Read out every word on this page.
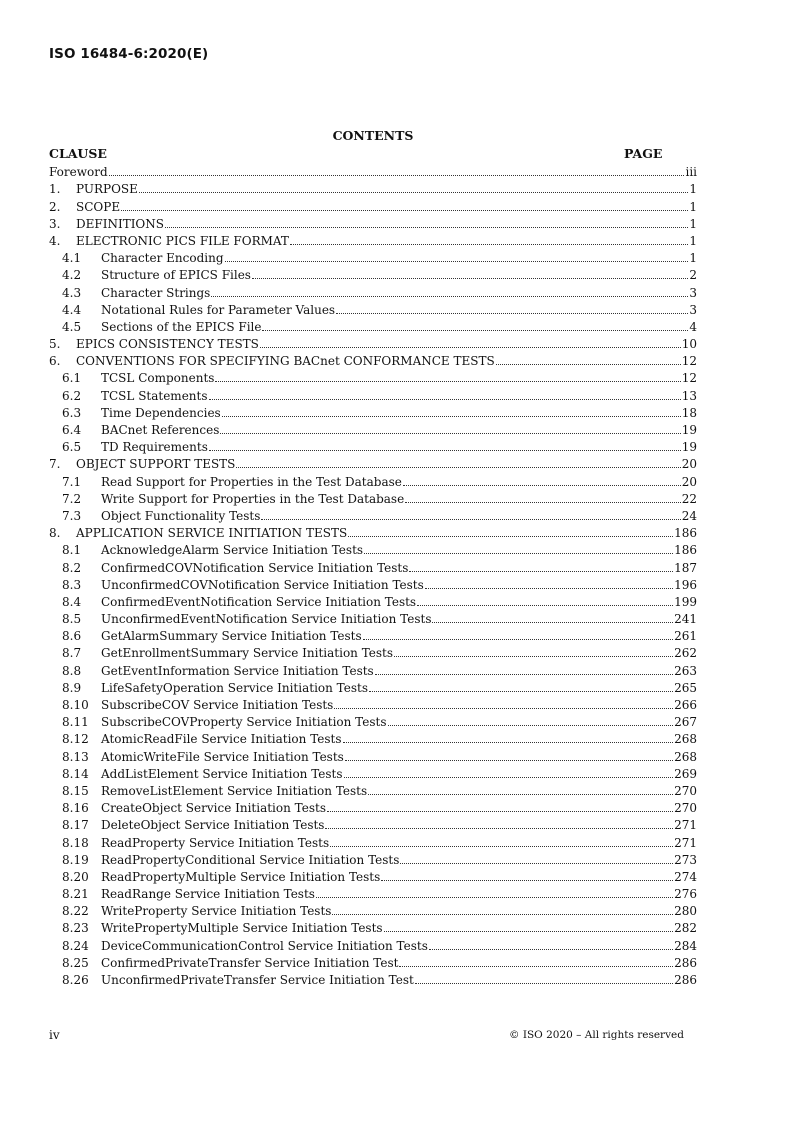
ISO 16484-6:2020(E)
CONTENTS
CLAUSE	PAGE
Foreword	iii
1.	PURPOSE	1
2.	SCOPE	1
3.	DEFINITIONS	1
4.	ELECTRONIC PICS FILE FORMAT	1
4.1	Character Encoding	1
4.2	Structure of EPICS Files	2
4.3	Character Strings	3
4.4	Notational Rules for Parameter Values	3
4.5	Sections of the EPICS File	4
5.	EPICS CONSISTENCY TESTS	10
6.	CONVENTIONS FOR SPECIFYING BACnet CONFORMANCE TESTS	12
6.1	TCSL Components	12
6.2	TCSL Statements	13
6.3	Time Dependencies	18
6.4	BACnet References	19
6.5	TD Requirements	19
7.	OBJECT SUPPORT TESTS	20
7.1	Read Support for Properties in the Test Database	20
7.2	Write Support for Properties in the Test Database	22
7.3	Object Functionality Tests	24
8.	APPLICATION SERVICE INITIATION TESTS	186
8.1	AcknowledgeAlarm Service Initiation Tests	186
8.2	ConfirmedCOVNotification Service Initiation Tests	187
8.3	UnconfirmedCOVNotification Service Initiation Tests	196
8.4	ConfirmedEventNotification Service Initiation Tests	199
8.5	UnconfirmedEventNotification Service Initiation Tests	241
8.6	GetAlarmSummary Service Initiation Tests	261
8.7	GetEnrollmentSummary Service Initiation Tests	262
8.8	GetEventInformation Service Initiation Tests	263
8.9	LifeSafetyOperation Service Initiation Tests	265
8.10	SubscribeCOV Service Initiation Tests	266
8.11	SubscribeCOVProperty Service Initiation Tests	267
8.12	AtomicReadFile Service Initiation Tests	268
8.13	AtomicWriteFile Service Initiation Tests	268
8.14	AddListElement Service Initiation Tests	269
8.15	RemoveListElement Service Initiation Tests	270
8.16	CreateObject Service Initiation Tests	270
8.17	DeleteObject Service Initiation Tests	271
8.18	ReadProperty Service Initiation Tests	271
8.19	ReadPropertyConditional Service Initiation Tests	273
8.20	ReadPropertyMultiple Service Initiation Tests	274
8.21	ReadRange Service Initiation Tests	276
8.22	WriteProperty Service Initiation Tests	280
8.23	WritePropertyMultiple Service Initiation Tests	282
8.24	DeviceCommunicationControl Service Initiation Tests	284
8.25	ConfirmedPrivateTransfer Service Initiation Test	286
8.26	UnconfirmedPrivateTransfer Service Initiation Test	286
iv	© ISO 2020 – All rights reserved
